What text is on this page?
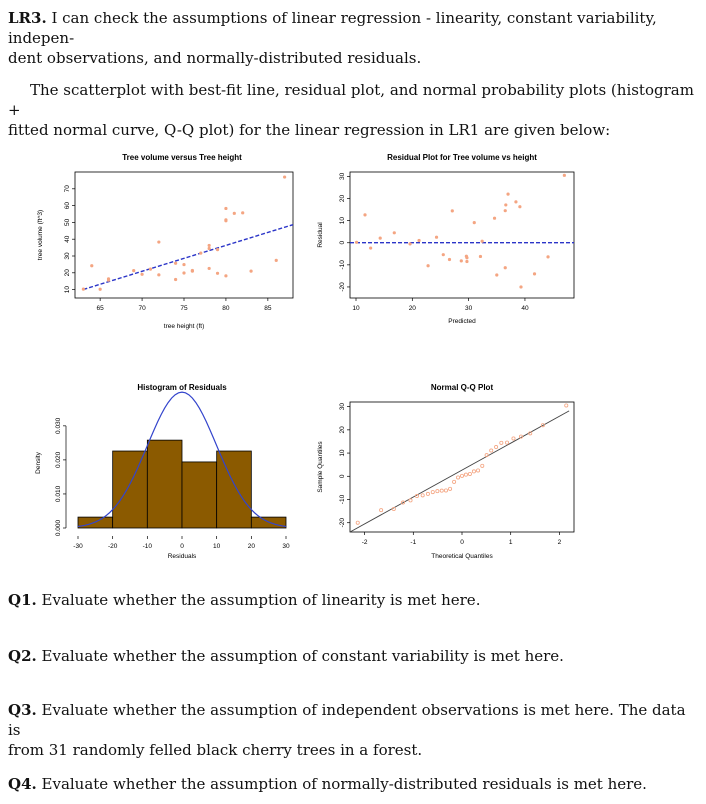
LR3. I can check the assumptions of linear regression - linearity, constant variability, indepen-
dent observations, and normally-distributed residuals.

The scatterplot with best-fit line, residual plot, and normal probability plots (histogram +
fitted normal curve, Q-Q plot) for the linear regression in LR1 are given below:

Tree volume versus Tree height
65	70	75	80	85
10
20
30
40
50
60
70
tree height (ft)
tree volume (ft^3)
Residual Plot for Tree volume vs height
10	20	30	40
-20
-10
0
10
20
30
Predicted
Residual
Histogram of Residuals
-30	-20	-10	0	10	20	30
0.000
0.010
0.020
0.030
Residuals
Density
Normal Q-Q Plot
-2	-1	0	1	2
-20
-10
0
10
20
30
Theoretical Quantiles
Sample Quantiles

Q1. Evaluate whether the assumption of linearity is met here.

Q2. Evaluate whether the assumption of constant variability is met here.

Q3. Evaluate whether the assumption of independent observations is met here. The data is
from 31 randomly felled black cherry trees in a forest.

Q4. Evaluate whether the assumption of normally-distributed residuals is met here.
